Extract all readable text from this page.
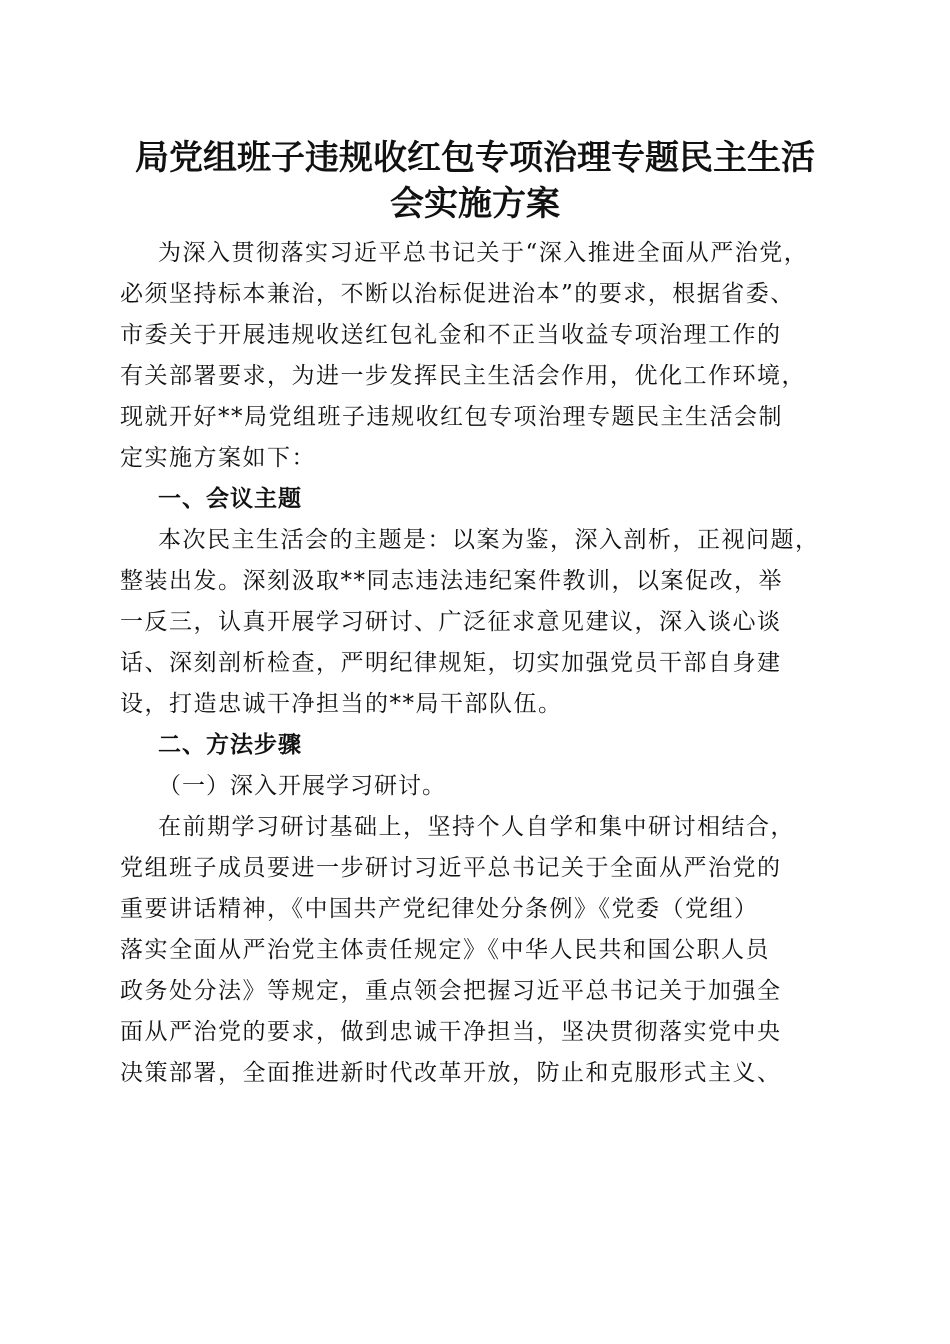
局党组班子违规收红包专项治理专题民主生活
会实施方案
为深入贯彻落实习近平总书记关于“深入推进全面从严治党，
必须坚持标本兼治，不断以治标促进治本”的要求，根据省委、
市委关于开展违规收送红包礼金和不正当收益专项治理工作的
有关部署要求，为进一步发挥民主生活会作用，优化工作环境，
现就开好**局党组班子违规收红包专项治理专题民主生活会制
定实施方案如下：
一、会议主题
本次民主生活会的主题是：以案为鉴，深入剖析，正视问题，
整装出发。深刻汲取**同志违法违纪案件教训，以案促改，举
一反三，认真开展学习研讨、广泛征求意见建议，深入谈心谈
话、深刻剖析检查，严明纪律规矩，切实加强党员干部自身建
设，打造忠诚干净担当的**局干部队伍。
二、方法步骤
（一）深入开展学习研讨。
在前期学习研讨基础上，坚持个人自学和集中研讨相结合，
党组班子成员要进一步研讨习近平总书记关于全面从严治党的
重要讲话精神，《中国共产党纪律处分条例》《党委（党组）
落实全面从严治党主体责任规定》《中华人民共和国公职人员
政务处分法》等规定，重点领会把握习近平总书记关于加强全
面从严治党的要求，做到忠诚干净担当，坚决贯彻落实党中央
决策部署，全面推进新时代改革开放，防止和克服形式主义、
